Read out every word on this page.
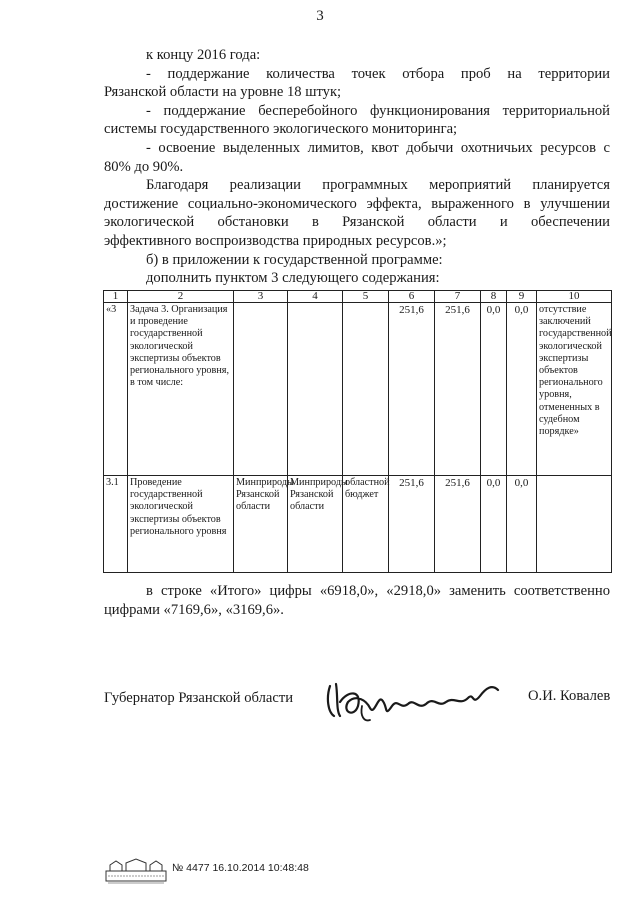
3

к концу 2016 года:

- поддержание количества точек отбора проб на территории

Рязанской области на уровне 18 штук;

- поддержание бесперебойного функционирования территориальной

системы государственного экологического мониторинга;

- освоение выделенных лимитов, квот добычи охотничьих ресурсов с

80% до 90%.

Благодаря реализации программных мероприятий планируется

достижение социально-экономического эффекта, выраженного в улучшении

экологической обстановки в Рязанской области и обеспечении

эффективного воспроизводства природных ресурсов.»;

б) в приложении к государственной программе:

дополнить пунктом 3 следующего содержания:

1	2	3	4	5	6	7	8	9	10
«3	Задача 3. Организация и проведение государственной экологической экспертизы объектов регионального уровня, в том числе:				251,6	251,6	0,0	0,0	отсутствие заключений государственной экологической экспертизы объектов регионального уровня, отмененных в судебном порядке»
3.1	Проведение государственной экологической экспертизы объектов регионального уровня	Минприроды Рязанской области	Минприроды Рязанской области	областной бюджет	251,6	251,6	0,0	0,0	

в строке «Итого» цифры «6918,0», «2918,0» заменить соответственно

цифрами «7169,6», «3169,6».

Губернатор Рязанской области	О.И. Ковалев
№ 4477 16.10.2014 10:48:48
